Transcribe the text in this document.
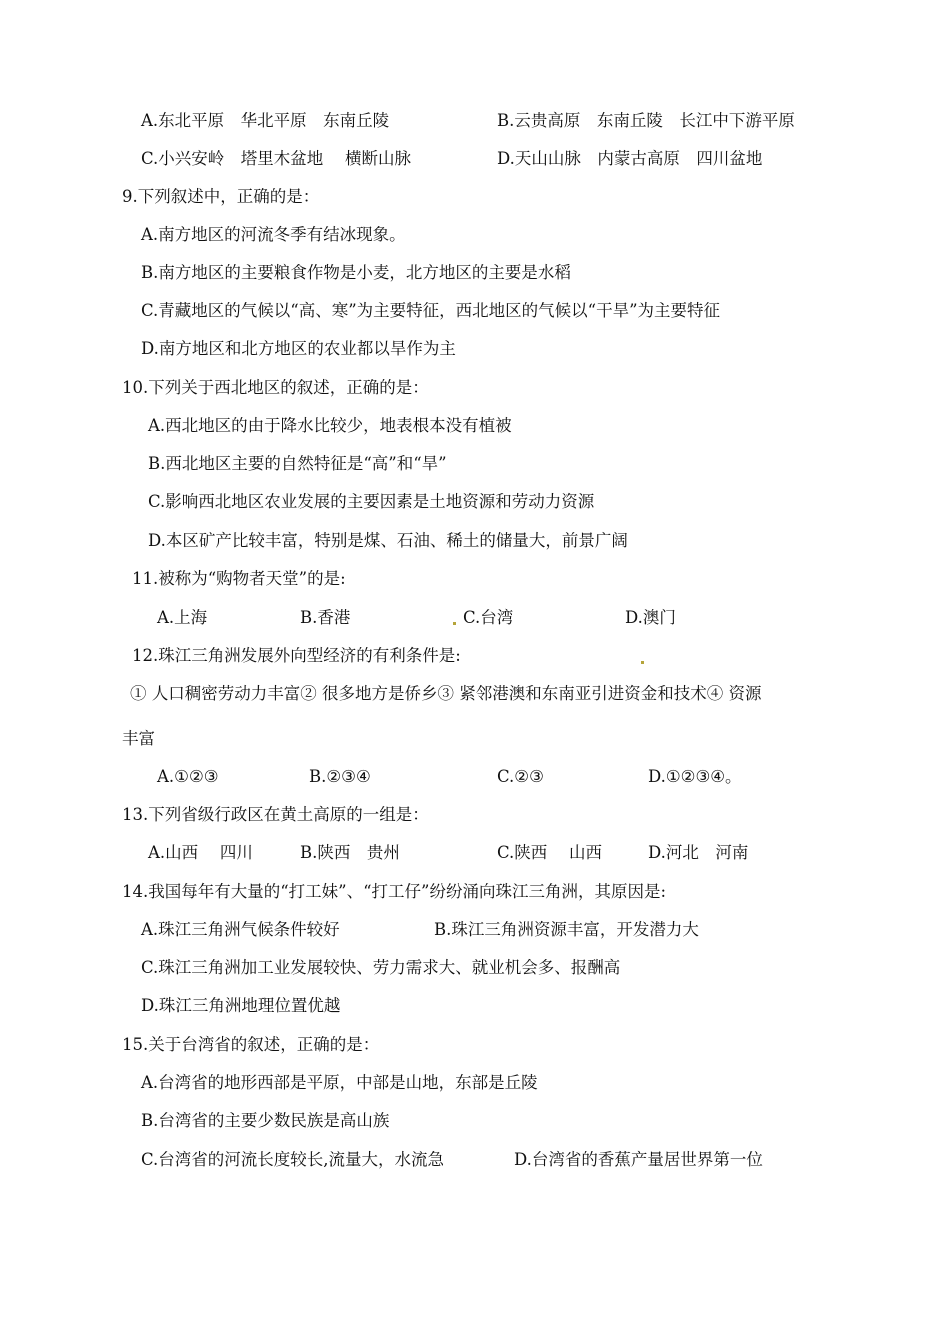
A.东北平原　华北平原　东南丘陵	B.云贵高原　东南丘陵　长江中下游平原
C.小兴安岭　塔里木盆地　 横断山脉	D.天山山脉　内蒙古高原　四川盆地
9.下列叙述中，正确的是：
A.南方地区的河流冬季有结冰现象。
B.南方地区的主要粮食作物是小麦，北方地区的主要是水稻
C.青藏地区的气候以“高、寒”为主要特征，西北地区的气候以“干旱”为主要特征
D.南方地区和北方地区的农业都以旱作为主
10.下列关于西北地区的叙述，正确的是：
A.西北地区的由于降水比较少，地表根本没有植被
B.西北地区主要的自然特征是“高”和“旱”
C.影响西北地区农业发展的主要因素是土地资源和劳动力资源
D.本区矿产比较丰富，特别是煤、石油、稀土的储量大，前景广阔
11.被称为“购物者天堂”的是:
A.上海	B.香港	C.台湾	D.澳门
12.珠江三角洲发展外向型经济的有利条件是:
① 人口稠密劳动力丰富② 很多地方是侨乡③ 紧邻港澳和东南亚引进资金和技术④ 资源
丰富
A.①②③	B.②③④	C.②③	D.①②③④。
13.下列省级行政区在黄土高原的一组是：
A.山西　 四川	B.陕西　贵州	C.陕西　 山西	D.河北　河南
14.我国每年有大量的“打工妹”、“打工仔”纷纷涌向珠江三角洲，其原因是:
A.珠江三角洲气候条件较好	B.珠江三角洲资源丰富，开发潜力大
C.珠江三角洲加工业发展较快、劳力需求大、就业机会多、报酬高
D.珠江三角洲地理位置优越
15.关于台湾省的叙述，正确的是：
A.台湾省的地形西部是平原，中部是山地，东部是丘陵
B.台湾省的主要少数民族是高山族
C.台湾省的河流长度较长,流量大，水流急	D.台湾省的香蕉产量居世界第一位
